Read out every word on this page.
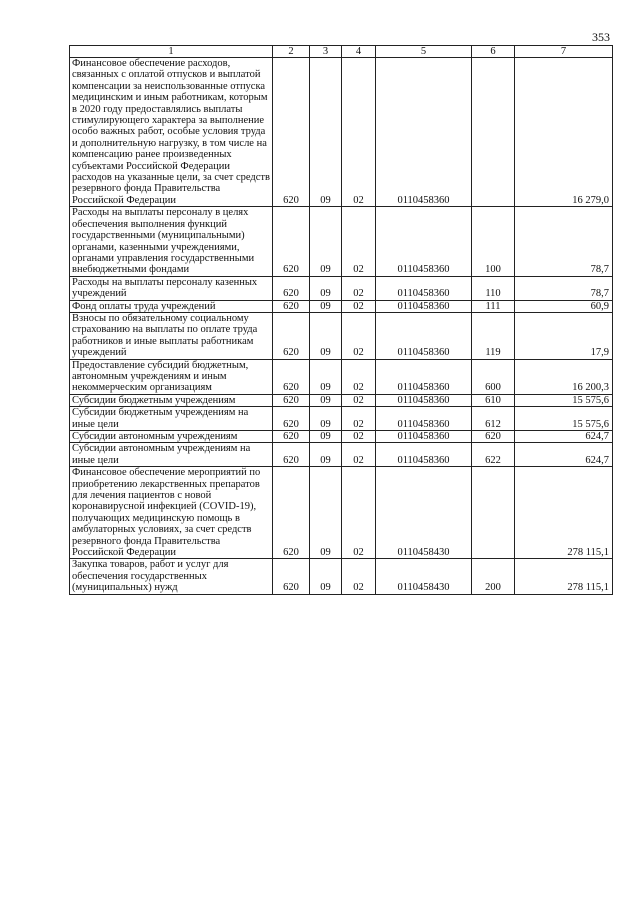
353
1	2	3	4	5	6	7
Финансовое обеспечение расходов, связанных с оплатой отпусков и выплатой компенсации за неиспользованные отпуска медицинским и иным работникам, которым в 2020 году предоставлялись выплаты стимулирующего характера за выполнение особо важных работ, особые условия труда и дополнительную нагрузку, в том числе на компенсацию ранее произведенных субъектами Российской Федерации расходов на указанные цели, за счет средств резервного фонда Правительства Российской Федерации	620	09	02	0110458360		16 279,0
Расходы на выплаты персоналу в целях обеспечения выполнения функций государственными (муниципальными) органами, казенными учреждениями, органами управления государственными внебюджетными фондами	620	09	02	0110458360	100	78,7
Расходы на выплаты персоналу казенных учреждений	620	09	02	0110458360	110	78,7
Фонд оплаты труда учреждений	620	09	02	0110458360	111	60,9
Взносы по обязательному социальному страхованию на выплаты по оплате труда работников и иные выплаты работникам учреждений	620	09	02	0110458360	119	17,9
Предоставление субсидий бюджетным, автономным учреждениям и иным некоммерческим организациям	620	09	02	0110458360	600	16 200,3
Субсидии бюджетным учреждениям	620	09	02	0110458360	610	15 575,6
Субсидии бюджетным учреждениям на иные цели	620	09	02	0110458360	612	15 575,6
Субсидии автономным учреждениям	620	09	02	0110458360	620	624,7
Субсидии автономным учреждениям на иные цели	620	09	02	0110458360	622	624,7
Финансовое обеспечение мероприятий по приобретению лекарственных препаратов для лечения пациентов с новой коронавирусной инфекцией (COVID-19), получающих медицинскую помощь в амбулаторных условиях, за счет средств резервного фонда Правительства Российской Федерации	620	09	02	0110458430		278 115,1
Закупка товаров, работ и услуг для обеспечения государственных (муниципальных) нужд	620	09	02	0110458430	200	278 115,1
